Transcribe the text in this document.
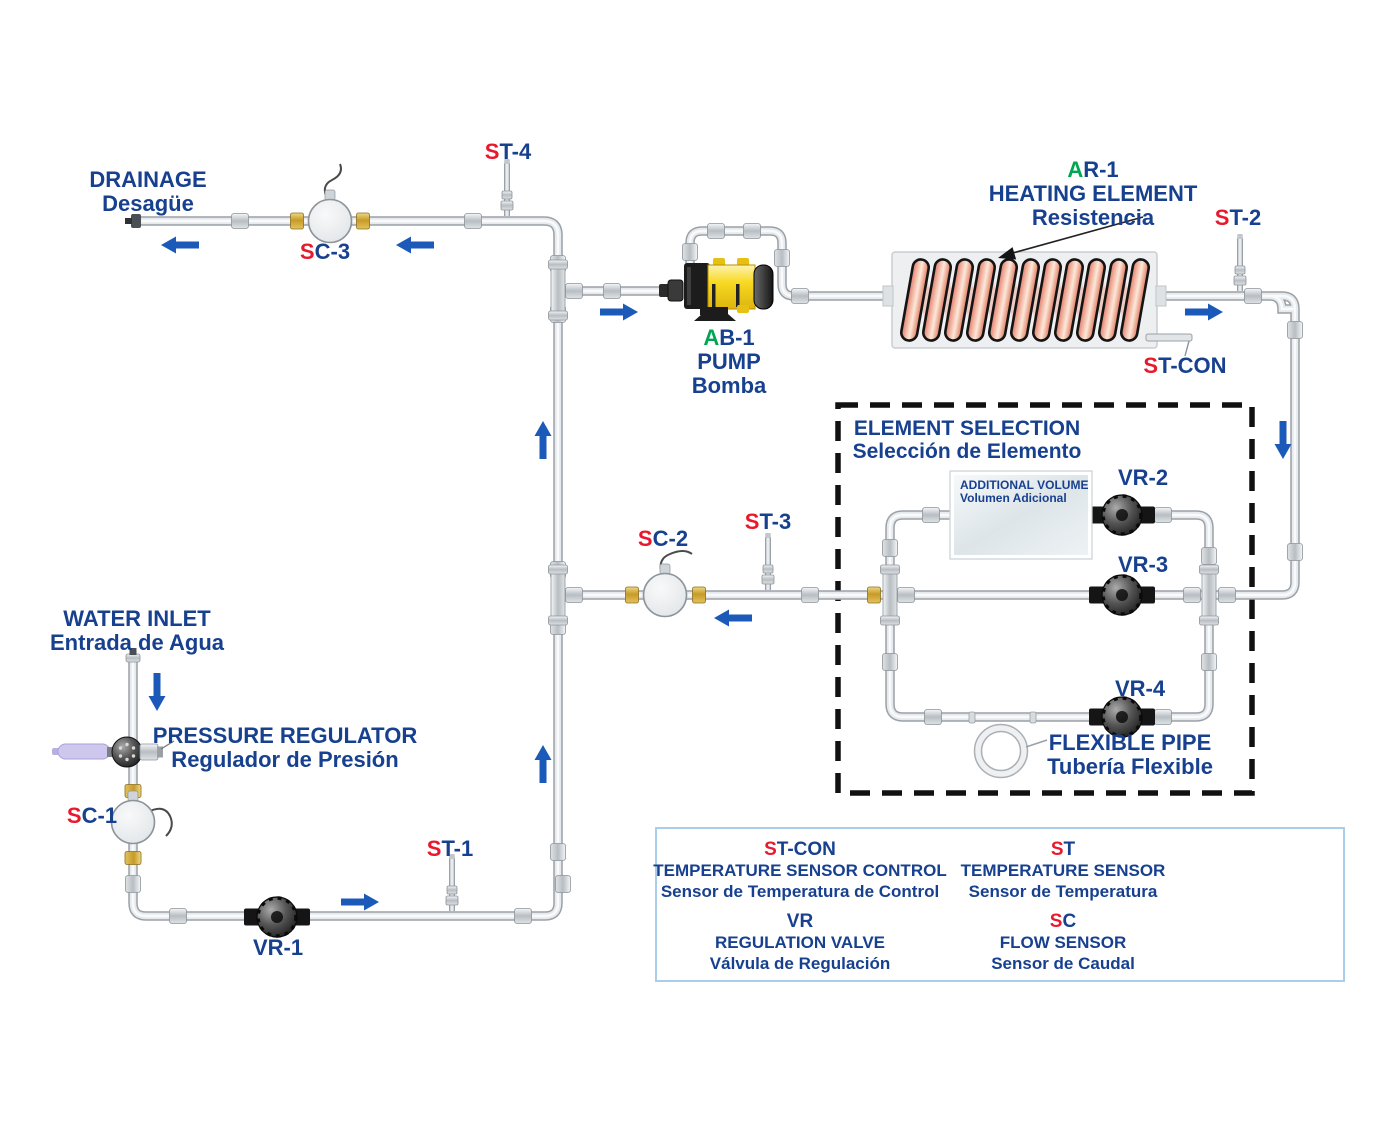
DRAINAGE
Desagüe
SC-3
ST-4
AB-1
PUMP
Bomba
AR-1
HEATING ELEMENT
Resistencia	ST-2
ST-CON
ELEMENT SELECTION
Selección de Elemento
ADDITIONAL VOLUME
Volumen Adicional
VR-2
VR-3
VR-4
FLEXIBLE PIPE
Tubería Flexible
SC-2
ST-3
WATER INLET
Entrada de Agua
PRESSURE REGULATOR
Regulador de Presión
SC-1
ST-1
VR-1
ST-CON
TEMPERATURE SENSOR CONTROL
Sensor de Temperatura de Control
ST
TEMPERATURE SENSOR
Sensor de Temperatura
VR
REGULATION VALVE
Válvula de Regulación
SC
FLOW SENSOR
Sensor de Caudal
